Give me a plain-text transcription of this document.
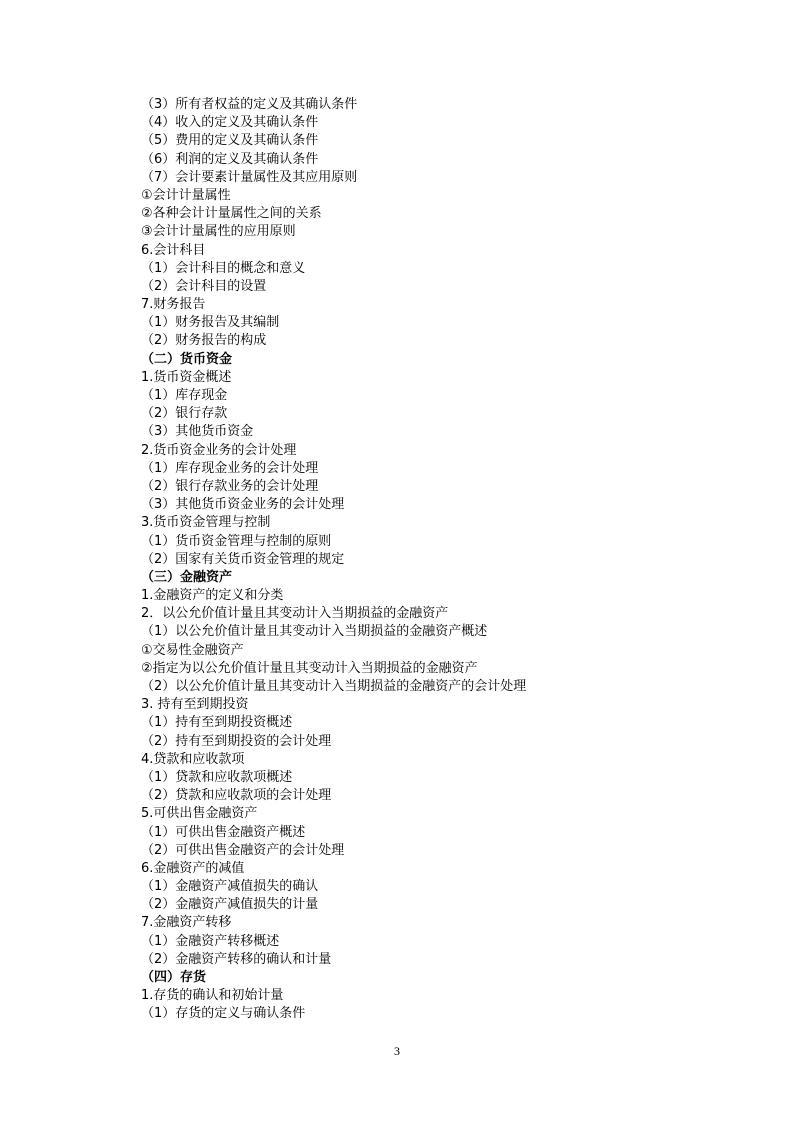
（3）所有者权益的定义及其确认条件
（4）收入的定义及其确认条件
（5）费用的定义及其确认条件
（6）利润的定义及其确认条件
（7）会计要素计量属性及其应用原则
①会计计量属性
②各种会计计量属性之间的关系
③会计计量属性的应用原则
6.会计科目
（1）会计科目的概念和意义
（2）会计科目的设置
7.财务报告
（1）财务报告及其编制
（2）财务报告的构成
（二）货币资金
1.货币资金概述
（1）库存现金
（2）银行存款
（3）其他货币资金
2.货币资金业务的会计处理
（1）库存现金业务的会计处理
（2）银行存款业务的会计处理
（3）其他货币资金业务的会计处理
3.货币资金管理与控制
（1）货币资金管理与控制的原则
（2）国家有关货币资金管理的规定
（三）金融资产
1.金融资产的定义和分类
2．以公允价值计量且其变动计入当期损益的金融资产
（1）以公允价值计量且其变动计入当期损益的金融资产概述
①交易性金融资产
②指定为以公允价值计量且其变动计入当期损益的金融资产
（2）以公允价值计量且其变动计入当期损益的金融资产的会计处理
3. 持有至到期投资
（1）持有至到期投资概述
（2）持有至到期投资的会计处理
4.贷款和应收款项
（1）贷款和应收款项概述
（2）贷款和应收款项的会计处理
5.可供出售金融资产
（1）可供出售金融资产概述
（2）可供出售金融资产的会计处理
6.金融资产的减值
（1）金融资产减值损失的确认
（2）金融资产减值损失的计量
7.金融资产转移
（1）金融资产转移概述
（2）金融资产转移的确认和计量
（四）存货
1.存货的确认和初始计量
（1）存货的定义与确认条件
3
